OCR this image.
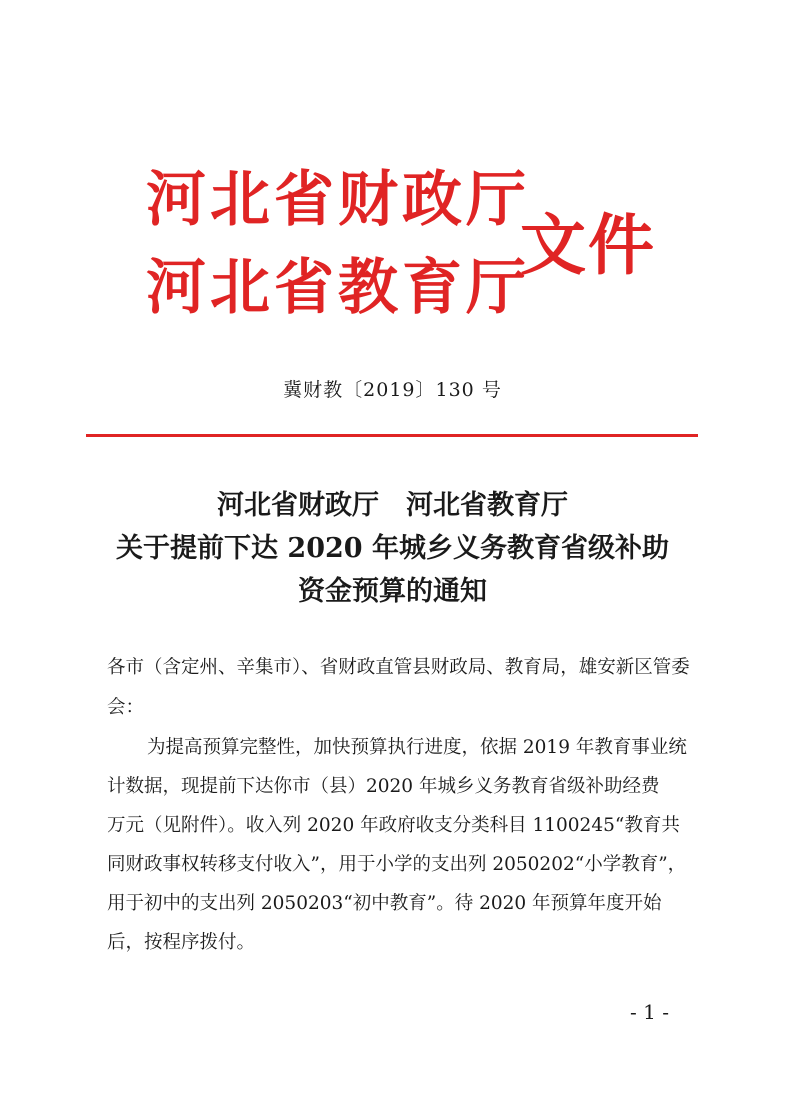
河北省财政厅
河北省教育厅
文件
冀财教〔2019〕130 号
河北省财政厅　河北省教育厅
关于提前下达 2020 年城乡义务教育省级补助
资金预算的通知
各市（含定州、辛集市）、省财政直管县财政局、教育局，雄安新区管委会：
为提高预算完整性，加快预算执行进度，依据 2019 年教育事业统计数据，现提前下达你市（县）2020 年城乡义务教育省级补助经费　　万元（见附件）。收入列 2020 年政府收支分类科目 1100245“教育共同财政事权转移支付收入”，用于小学的支出列 2050202“小学教育”，用于初中的支出列 2050203“初中教育”。待 2020 年预算年度开始后，按程序拨付。
- 1 -
